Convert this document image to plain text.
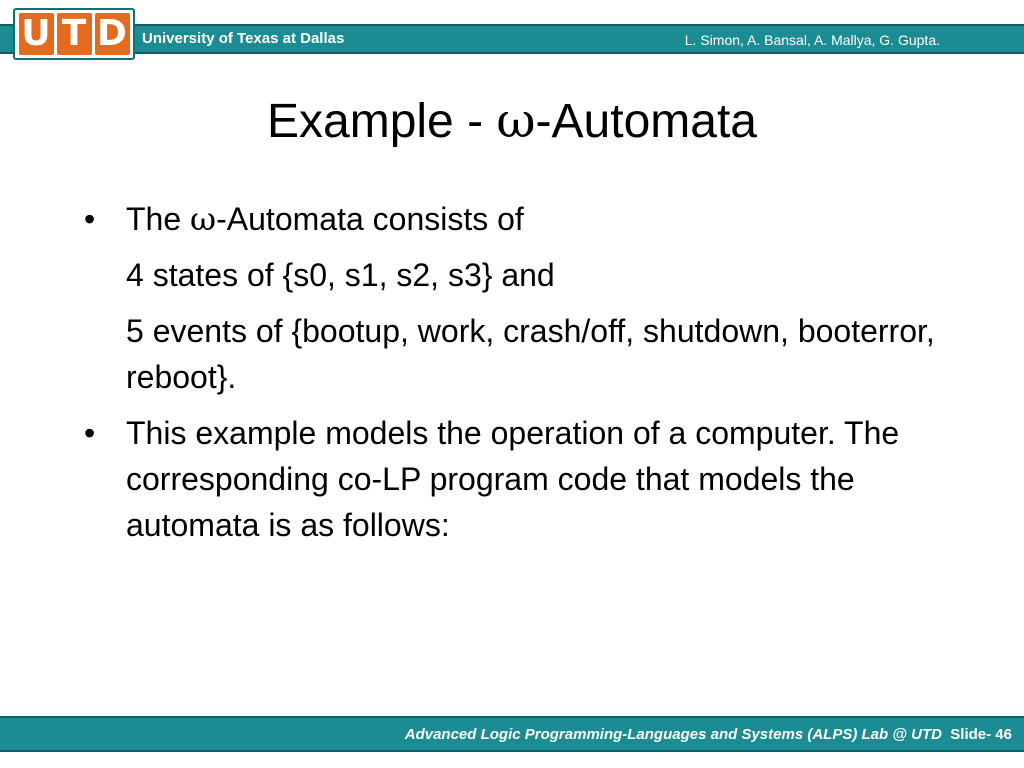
U T D University of Texas at Dallas	L. Simon, A. Bansal, A. Mallya, G. Gupta.
Example - ω-Automata
• The ω-Automata consists of
4 states of {s0, s1, s2, s3} and
5 events of {bootup, work, crash/off, shutdown, booterror, reboot}.
• This example models the operation of a computer. The corresponding co-LP program code that models the automata is as follows:
Advanced Logic Programming-Languages and Systems (ALPS) Lab @ UTD Slide- 46
